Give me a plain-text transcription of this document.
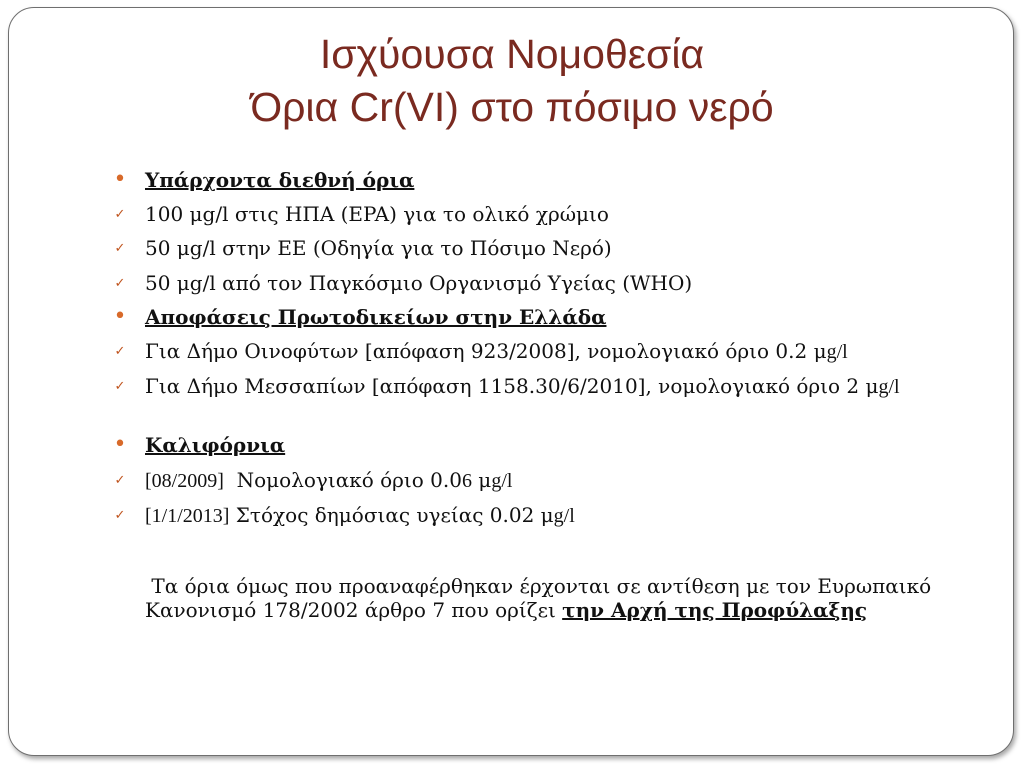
Ισχύουσα Νομοθεσία
Όρια Cr(VI) στο πόσιμο νερό
• Υπάρχοντα διεθνή όρια
✓ 100 μg/l στις ΗΠΑ (EPA) για το ολικό χρώμιο
✓ 50 μg/l στην ΕΕ (Οδηγία για το Πόσιμο Νερό)
✓ 50 μg/l από τον Παγκόσμιο Οργανισμό Υγείας (WHO)
• Αποφάσεις Πρωτοδικείων στην Ελλάδα
✓ Για Δήμο Οινοφύτων [απόφαση 923/2008], νομολογιακό όριο 0.2 μg/l
✓ Για Δήμο Μεσσαπίων [απόφαση 1158.30/6/2010], νομολογιακό όριο 2 μg/l
• Καλιφόρνια
✓ [08/2009] Νομολογιακό όριο 0.06 μg/l
✓ [1/1/2013] Στόχος δημόσιας υγείας 0.02 μg/l
Τα όρια όμως που προαναφέρθηκαν έρχονται σε αντίθεση με τον Ευρωπαικό Κανονισμό 178/2002 άρθρο 7 που ορίζει την Αρχή της Προφύλαξης
